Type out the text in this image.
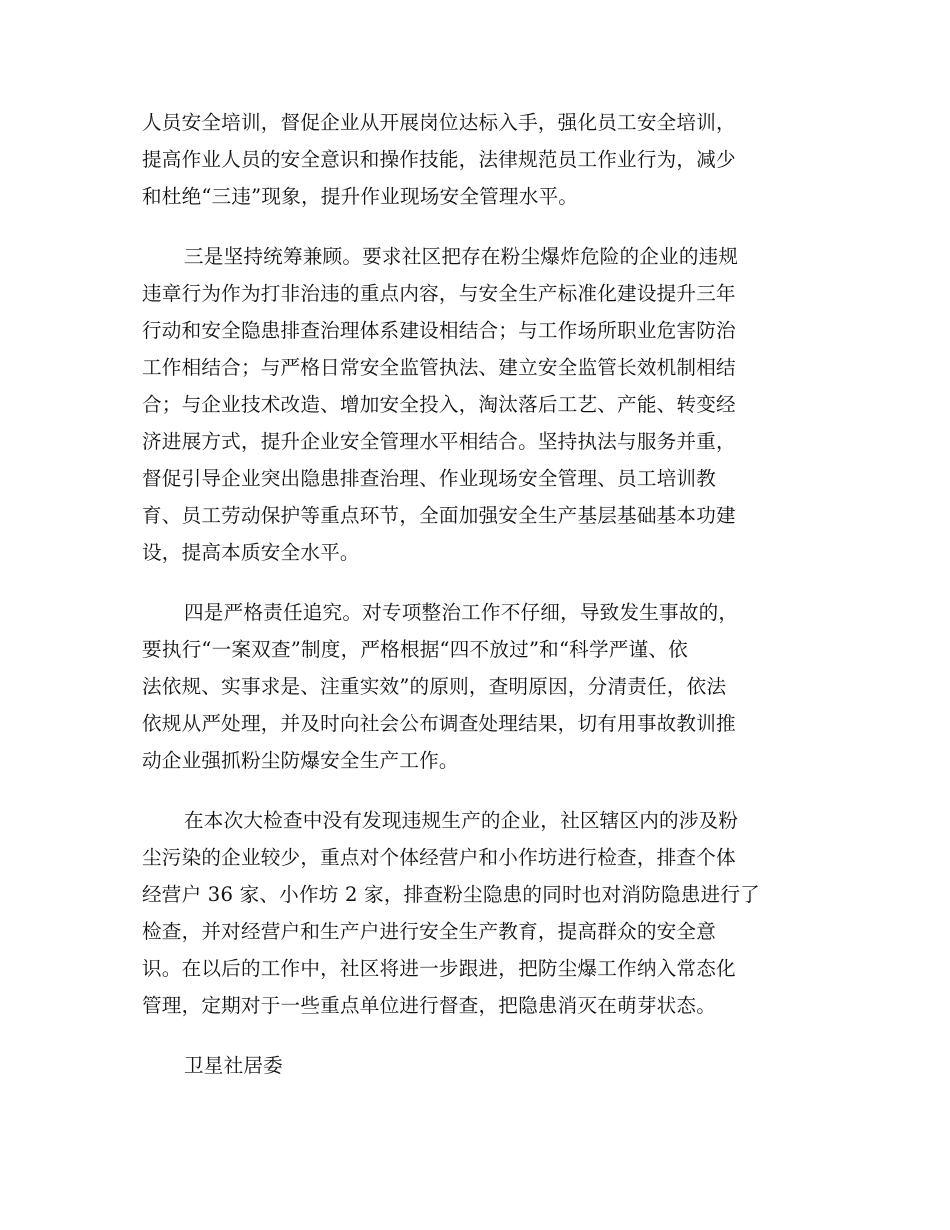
人员安全培训，督促企业从开展岗位达标入手，强化员工安全培训，
提高作业人员的安全意识和操作技能，法律规范员工作业行为，减少
和杜绝“三违”现象，提升作业现场安全管理水平。

三是坚持统筹兼顾。要求社区把存在粉尘爆炸危险的企业的违规
违章行为作为打非治违的重点内容，与安全生产标准化建设提升三年
行动和安全隐患排查治理体系建设相结合；与工作场所职业危害防治
工作相结合；与严格日常安全监管执法、建立安全监管长效机制相结
合；与企业技术改造、增加安全投入，淘汰落后工艺、产能、转变经
济进展方式，提升企业安全管理水平相结合。坚持执法与服务并重，
督促引导企业突出隐患排查治理、作业现场安全管理、员工培训教
育、员工劳动保护等重点环节，全面加强安全生产基层基础基本功建
设，提高本质安全水平。

四是严格责任追究。对专项整治工作不仔细，导致发生事故的，
要执行“一案双查”制度，严格根据“四不放过”和“科学严谨、依
法依规、实事求是、注重实效”的原则，查明原因，分清责任，依法
依规从严处理，并及时向社会公布调查处理结果，切有用事故教训推
动企业强抓粉尘防爆安全生产工作。

在本次大检查中没有发现违规生产的企业，社区辖区内的涉及粉
尘污染的企业较少，重点对个体经营户和小作坊进行检查，排查个体
经营户 36 家、小作坊 2 家，排查粉尘隐患的同时也对消防隐患进行了
检查，并对经营户和生产户进行安全生产教育，提高群众的安全意
识。在以后的工作中，社区将进一步跟进，把防尘爆工作纳入常态化
管理，定期对于一些重点单位进行督查，把隐患消灭在萌芽状态。

卫星社居委
